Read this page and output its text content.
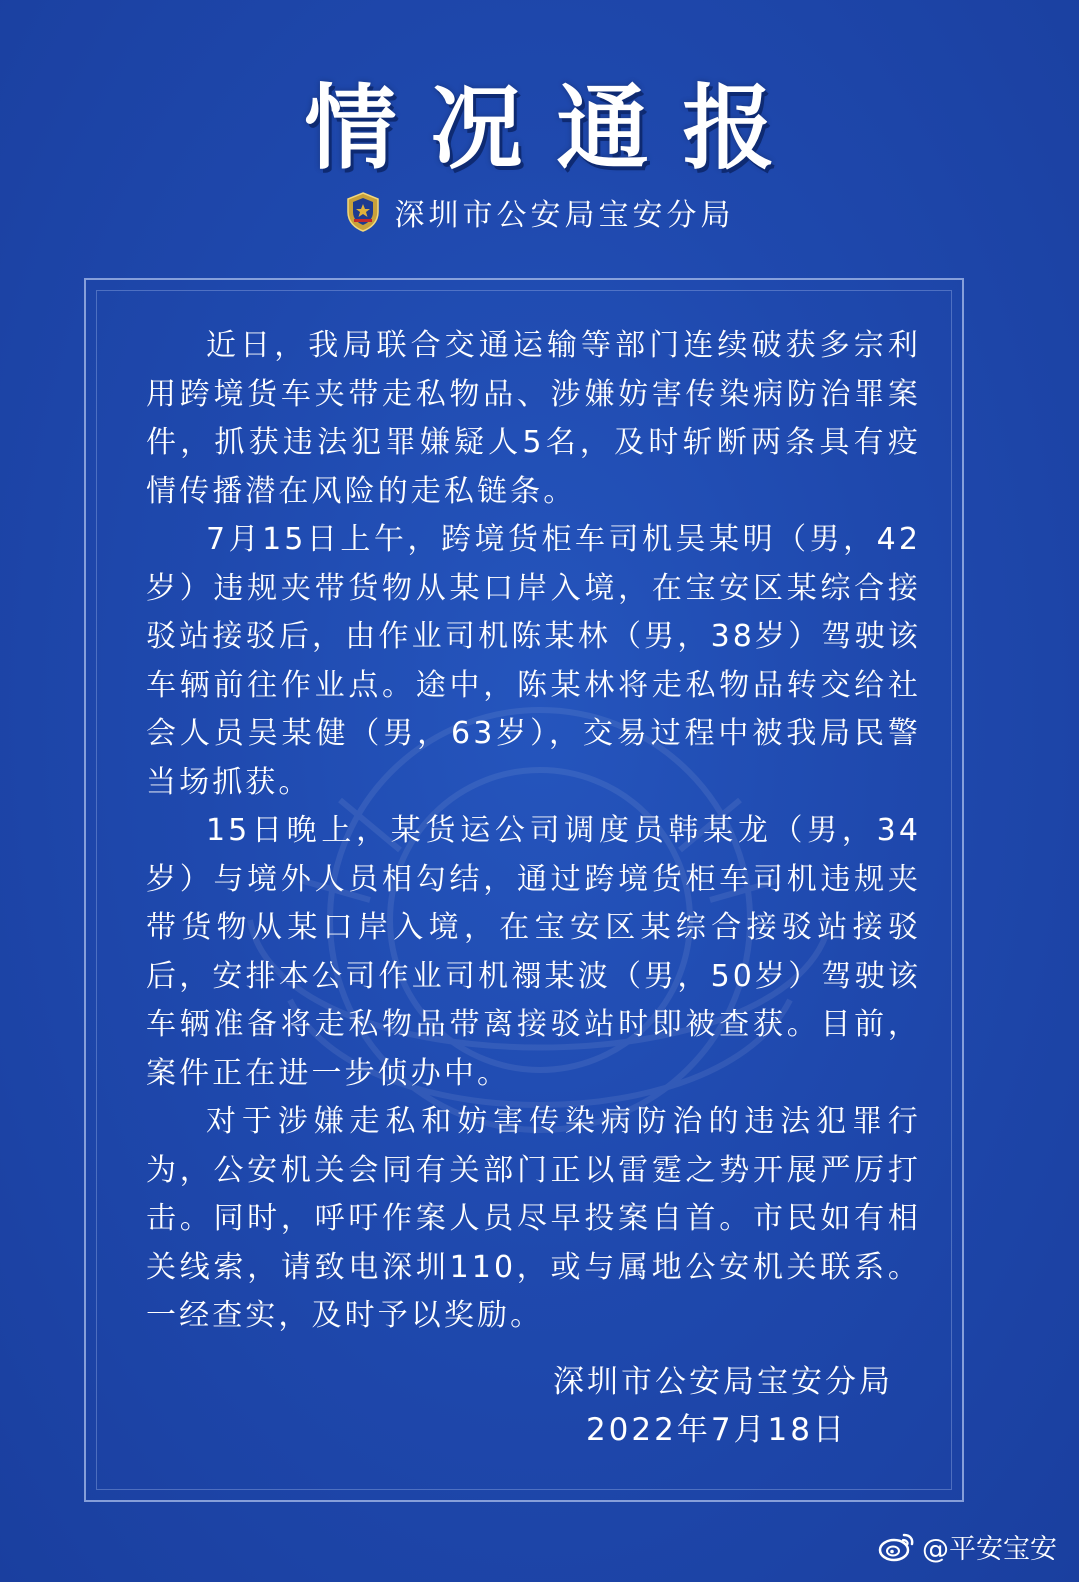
情况通报
深圳市公安局宝安分局

近日，我局联合交通运输等部门连续破获多宗利用跨境货车夹带走私物品、涉嫌妨害传染病防治罪案件，抓获违法犯罪嫌疑人5名，及时斩断两条具有疫情传播潜在风险的走私链条。

7月15日上午，跨境货柜车司机吴某明（男，42岁）违规夹带货物从某口岸入境，在宝安区某综合接驳站接驳后，由作业司机陈某林（男，38岁）驾驶该车辆前往作业点。途中，陈某林将走私物品转交给社会人员吴某健（男，63岁），交易过程中被我局民警当场抓获。

15日晚上，某货运公司调度员韩某龙（男，34岁）与境外人员相勾结，通过跨境货柜车司机违规夹带货物从某口岸入境，在宝安区某综合接驳站接驳后，安排本公司作业司机禤某波（男，50岁）驾驶该车辆准备将走私物品带离接驳站时即被查获。目前，案件正在进一步侦办中。

对于涉嫌走私和妨害传染病防治的违法犯罪行为，公安机关会同有关部门正以雷霆之势开展严厉打击。同时，呼吁作案人员尽早投案自首。市民如有相关线索，请致电深圳110，或与属地公安机关联系。一经查实，及时予以奖励。

深圳市公安局宝安分局
2022年7月18日
@平安宝安
